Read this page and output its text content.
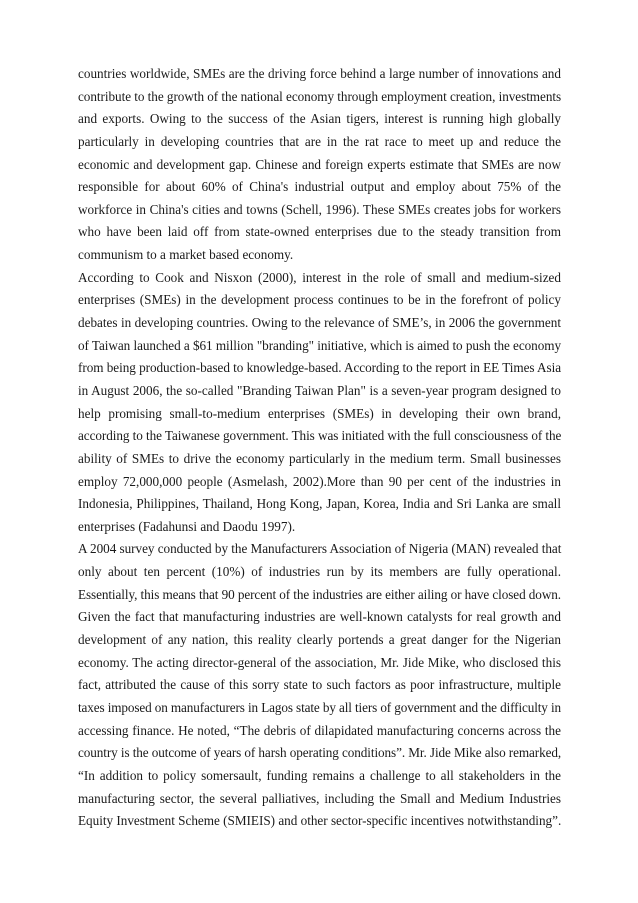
countries worldwide, SMEs are the driving force behind a large number of innovations and
contribute to the growth of the national economy through employment creation, investments
and exports. Owing to the success of the Asian tigers, interest is running high globally
particularly in developing countries that are in the rat race to meet up and reduce the
economic and development gap. Chinese and foreign experts estimate that SMEs are now
responsible for about 60% of China's industrial output and employ about 75% of the
workforce in China's cities and towns (Schell, 1996). These SMEs creates jobs for workers
who have been laid off from state-owned enterprises due to the steady transition from
communism to a market based economy.
According to Cook and Nisxon (2000), interest in the role of small and medium-sized
enterprises (SMEs) in the development process continues to be in the forefront of policy
debates in developing countries. Owing to the relevance of SME’s, in 2006 the government
of Taiwan launched a $61 million "branding" initiative, which is aimed to push the economy
from being production-based to knowledge-based. According to the report in EE Times Asia
in August 2006, the so-called "Branding Taiwan Plan" is a seven-year program designed to
help promising small-to-medium enterprises (SMEs) in developing their own brand,
according to the Taiwanese government. This was initiated with the full consciousness of the
ability of SMEs to drive the economy particularly in the medium term. Small businesses
employ 72,000,000 people (Asmelash, 2002).More than 90 per cent of the industries in
Indonesia, Philippines, Thailand, Hong Kong, Japan, Korea, India and Sri Lanka are small
enterprises (Fadahunsi and Daodu 1997).
A 2004 survey conducted by the Manufacturers Association of Nigeria (MAN) revealed that
only about ten percent (10%) of industries run by its members are fully operational.
Essentially, this means that 90 percent of the industries are either ailing or have closed down.
Given the fact that manufacturing industries are well-known catalysts for real growth and
development of any nation, this reality clearly portends a great danger for the Nigerian
economy. The acting director-general of the association, Mr. Jide Mike, who disclosed this
fact, attributed the cause of this sorry state to such factors as poor infrastructure, multiple
taxes imposed on manufacturers in Lagos state by all tiers of government and the difficulty in
accessing finance. He noted, “The debris of dilapidated manufacturing concerns across the
country is the outcome of years of harsh operating conditions”. Mr. Jide Mike also remarked,
“In addition to policy somersault, funding remains a challenge to all stakeholders in the
manufacturing sector, the several palliatives, including the Small and Medium Industries
Equity Investment Scheme (SMIEIS) and other sector-specific incentives notwithstanding”.
